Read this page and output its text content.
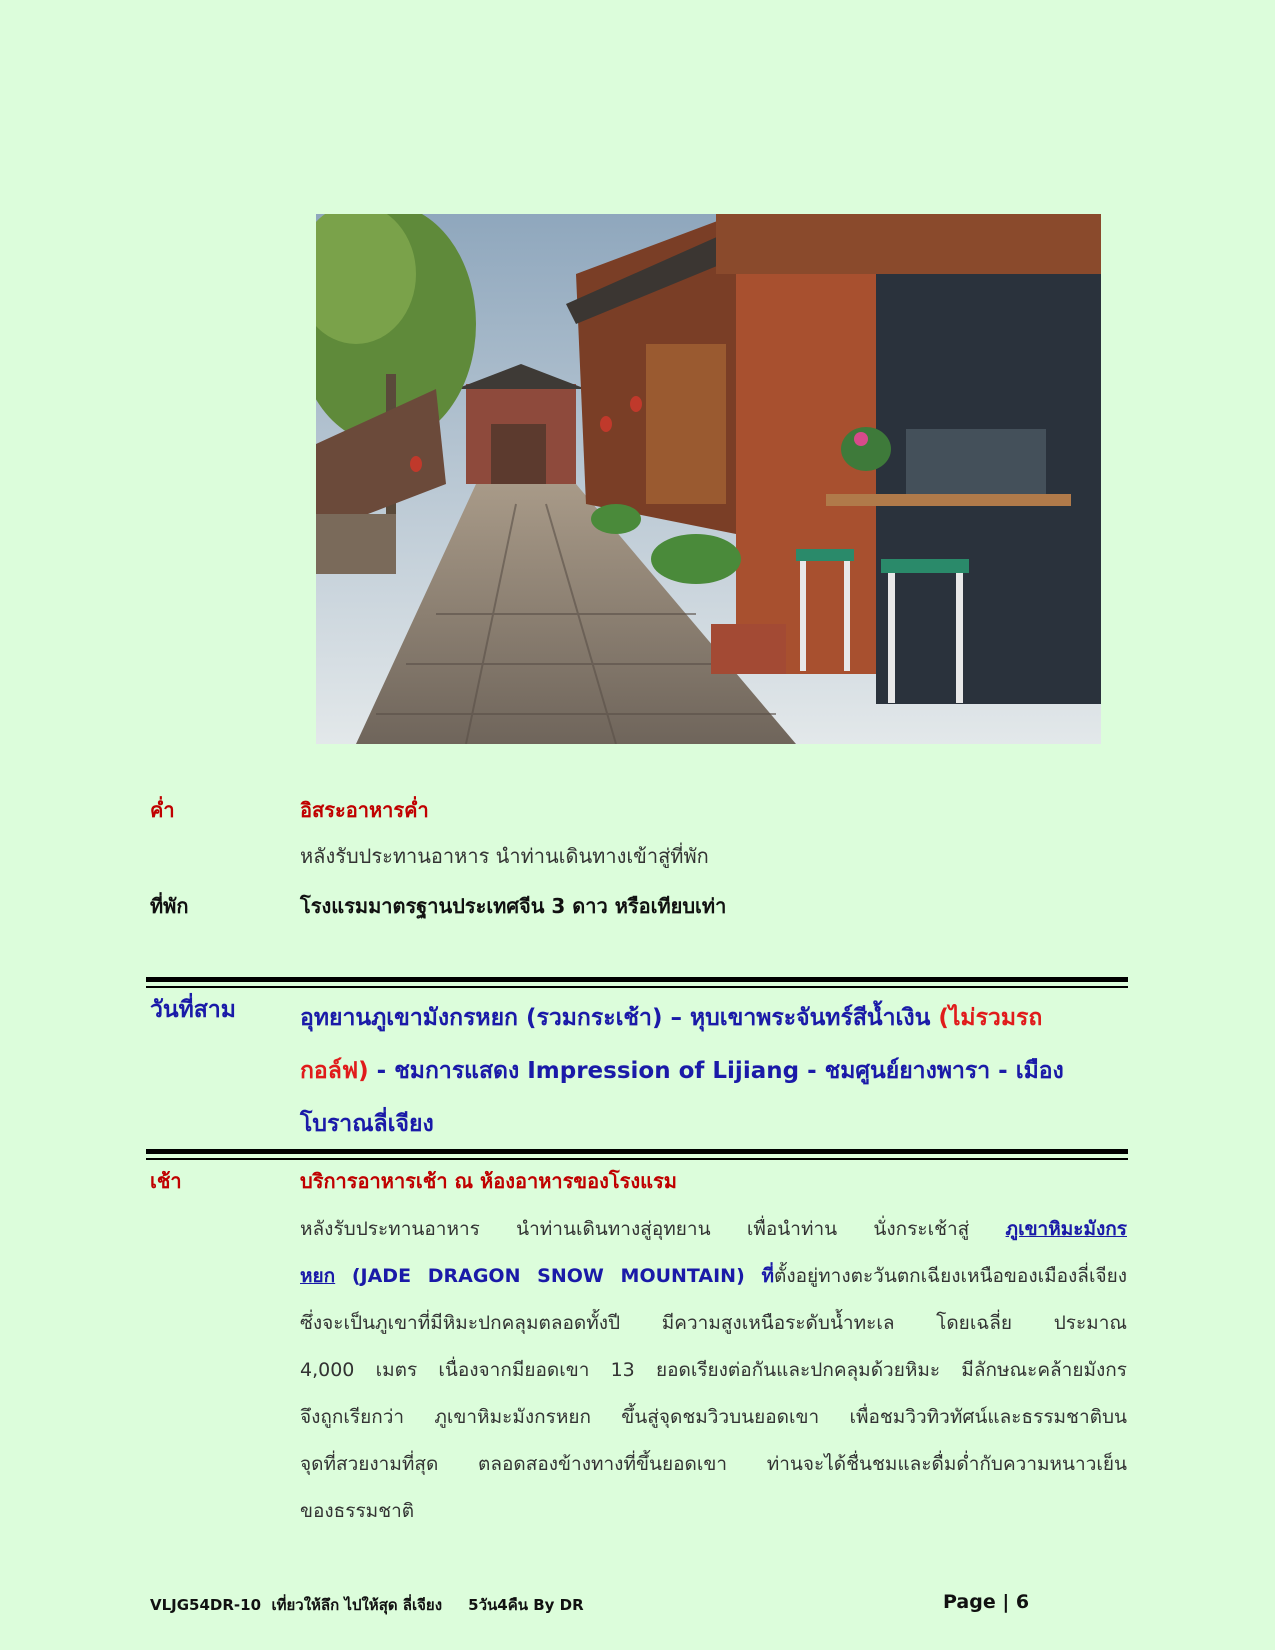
ค่ำ	อิสระอาหารค่ำ
หลังรับประทานอาหาร นำท่านเดินทางเข้าสู่ที่พัก
ที่พัก	โรงแรมมาตรฐานประเทศจีน 3 ดาว หรือเทียบเท่า
วันที่สาม	อุทยานภูเขามังกรหยก (รวมกระเช้า) – หุบเขาพระจันทร์สีน้ำเงิน (ไม่รวมรถ
กอล์ฟ) - ชมการแสดง Impression of Lijiang - ชมศูนย์ยางพารา - เมือง
โบราณลี่เจียง
เช้า	บริการอาหารเช้า ณ ห้องอาหารของโรงแรม
หลังรับประทานอาหาร นำท่านเดินทางสู่อุทยาน เพื่อนำท่าน นั่งกระเช้าสู่ ภูเขาหิมะมังกร
หยก (JADE DRAGON SNOW MOUNTAIN) ที่ตั้งอยู่ทางตะวันตกเฉียงเหนือของเมืองลี่เจียง
ซึ่งจะเป็นภูเขาที่มีหิมะปกคลุมตลอดทั้งปี มีความสูงเหนือระดับน้ำทะเล โดยเฉลี่ย ประมาณ
4,000 เมตร เนื่องจากมียอดเขา 13 ยอดเรียงต่อกันและปกคลุมด้วยหิมะ มีลักษณะคล้ายมังกร
จึงถูกเรียกว่า ภูเขาหิมะมังกรหยก ขึ้นสู่จุดชมวิวบนยอดเขา เพื่อชมวิวทิวทัศน์และธรรมชาติบน
จุดที่สวยงามที่สุด ตลอดสองข้างทางที่ขึ้นยอดเขา ท่านจะได้ชื่นชมและดื่มด่ำกับความหนาวเย็น
ของธรรมชาติ
VLJG54DR-10  เที่ยวให้ลึก ไปให้สุด ลี่เจียง     5วัน4คืน By DR	Page | 6
